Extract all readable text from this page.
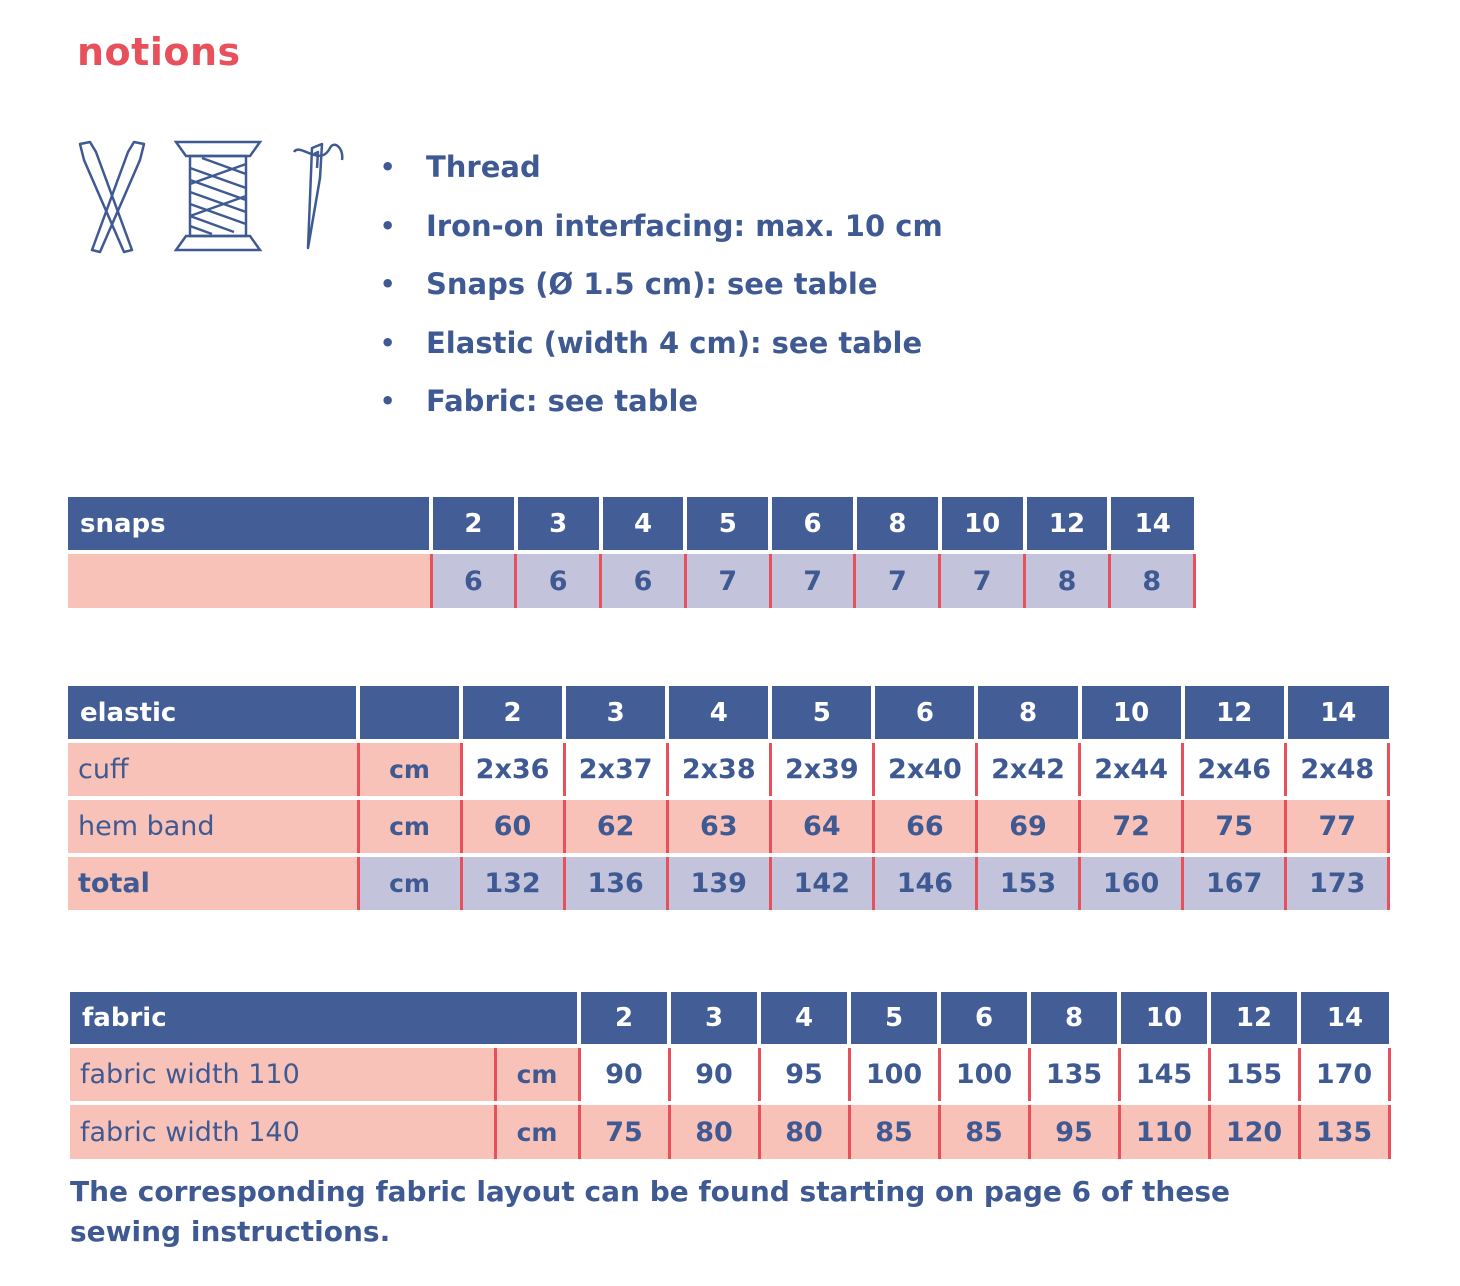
notions
•	Thread
•	Iron-on interfacing: max. 10 cm
•	Snaps (Ø 1.5 cm): see table
•	Elastic (width 4 cm): see table
•	Fabric: see table
snaps	2	3	4	5	6	8	10	12	14
	6	6	6	7	7	7	7	8	8
elastic		2	3	4	5	6	8	10	12	14
cuff	cm	2x36	2x37	2x38	2x39	2x40	2x42	2x44	2x46	2x48
hem band	cm	60	62	63	64	66	69	72	75	77
total	cm	132	136	139	142	146	153	160	167	173
fabric		2	3	4	5	6	8	10	12	14
fabric width 110	cm	90	90	95	100	100	135	145	155	170
fabric width 140	cm	75	80	80	85	85	95	110	120	135
The corresponding fabric layout can be found starting on page 6 of these sewing instructions.
